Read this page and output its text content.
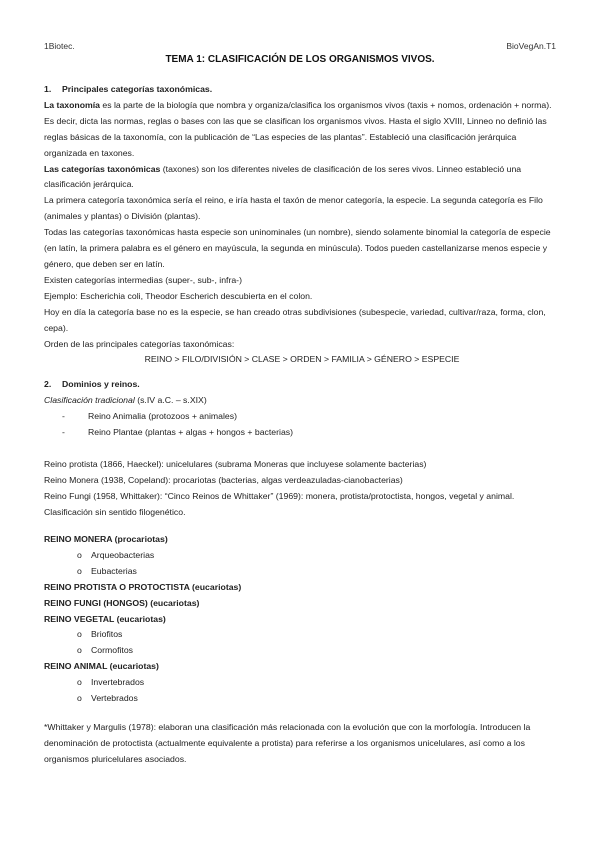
1Biotec.	BioVegAn.T1
TEMA 1: CLASIFICACIÓN DE LOS ORGANISMOS VIVOS.

1. Principales categorías taxonómicas.

La taxonomía es la parte de la biología que nombra y organiza/clasifica los organismos vivos (taxis + nomos, ordenación + norma). Es decir, dicta las normas, reglas o bases con las que se clasifican los organismos vivos. Hasta el siglo XVIII, Linneo no definió las reglas básicas de la taxonomía, con la publicación de “Las especies de las plantas”. Estableció una clasificación jerárquica organizada en taxones.

Las categorías taxonómicas (taxones) son los diferentes niveles de clasificación de los seres vivos. Linneo estableció una clasificación jerárquica.

La primera categoría taxonómica sería el reino, e iría hasta el taxón de menor categoría, la especie. La segunda categoría es Filo (animales y plantas) o División (plantas).

Todas las categorías taxonómicas hasta especie son uninominales (un nombre), siendo solamente binomial la categoría de especie (en latín, la primera palabra es el género en mayúscula, la segunda en minúscula). Todos pueden castellanizarse menos especie y género, que deben ser en latín.

Existen categorías intermedias (super-, sub-, infra-)

Ejemplo: Escherichia coli, Theodor Escherich descubierta en el colon.

Hoy en día la categoría base no es la especie, se han creado otras subdivisiones (subespecie, variedad, cultivar/raza, forma, clon, cepa).

Orden de las principales categorías taxonómicas:

REINO > FILO/DIVISIÓN > CLASE > ORDEN > FAMILIA > GÉNERO > ESPECIE

2. Dominios y reinos.

Clasificación tradicional (s.IV a.C. – s.XIX)

-	Reino Animalia (protozoos + animales)

-	Reino Plantae (plantas + algas + hongos + bacterias)

Reino protista (1866, Haeckel): unicelulares (subrama Moneras que incluyese solamente bacterias)

Reino Monera (1938, Copeland): procariotas (bacterias, algas verdeazuladas-cianobacterias)

Reino Fungi (1958, Whittaker): “Cinco Reinos de Whittaker” (1969): monera, protista/protoctista, hongos, vegetal y animal. Clasificación sin sentido filogenético.

REINO MONERA (procariotas)

o Arqueobacterias

o Eubacterias

REINO PROTISTA O PROTOCTISTA (eucariotas)

REINO FUNGI (HONGOS) (eucariotas)

REINO VEGETAL (eucariotas)

o Briofitos

o Cormofitos

REINO ANIMAL (eucariotas)

o Invertebrados

o Vertebrados

*Whittaker y Margulis (1978): elaboran una clasificación más relacionada con la evolución que con la morfología. Introducen la denominación de protoctista (actualmente equivalente a protista) para referirse a los organismos unicelulares, así como a los organismos pluricelulares asociados.
